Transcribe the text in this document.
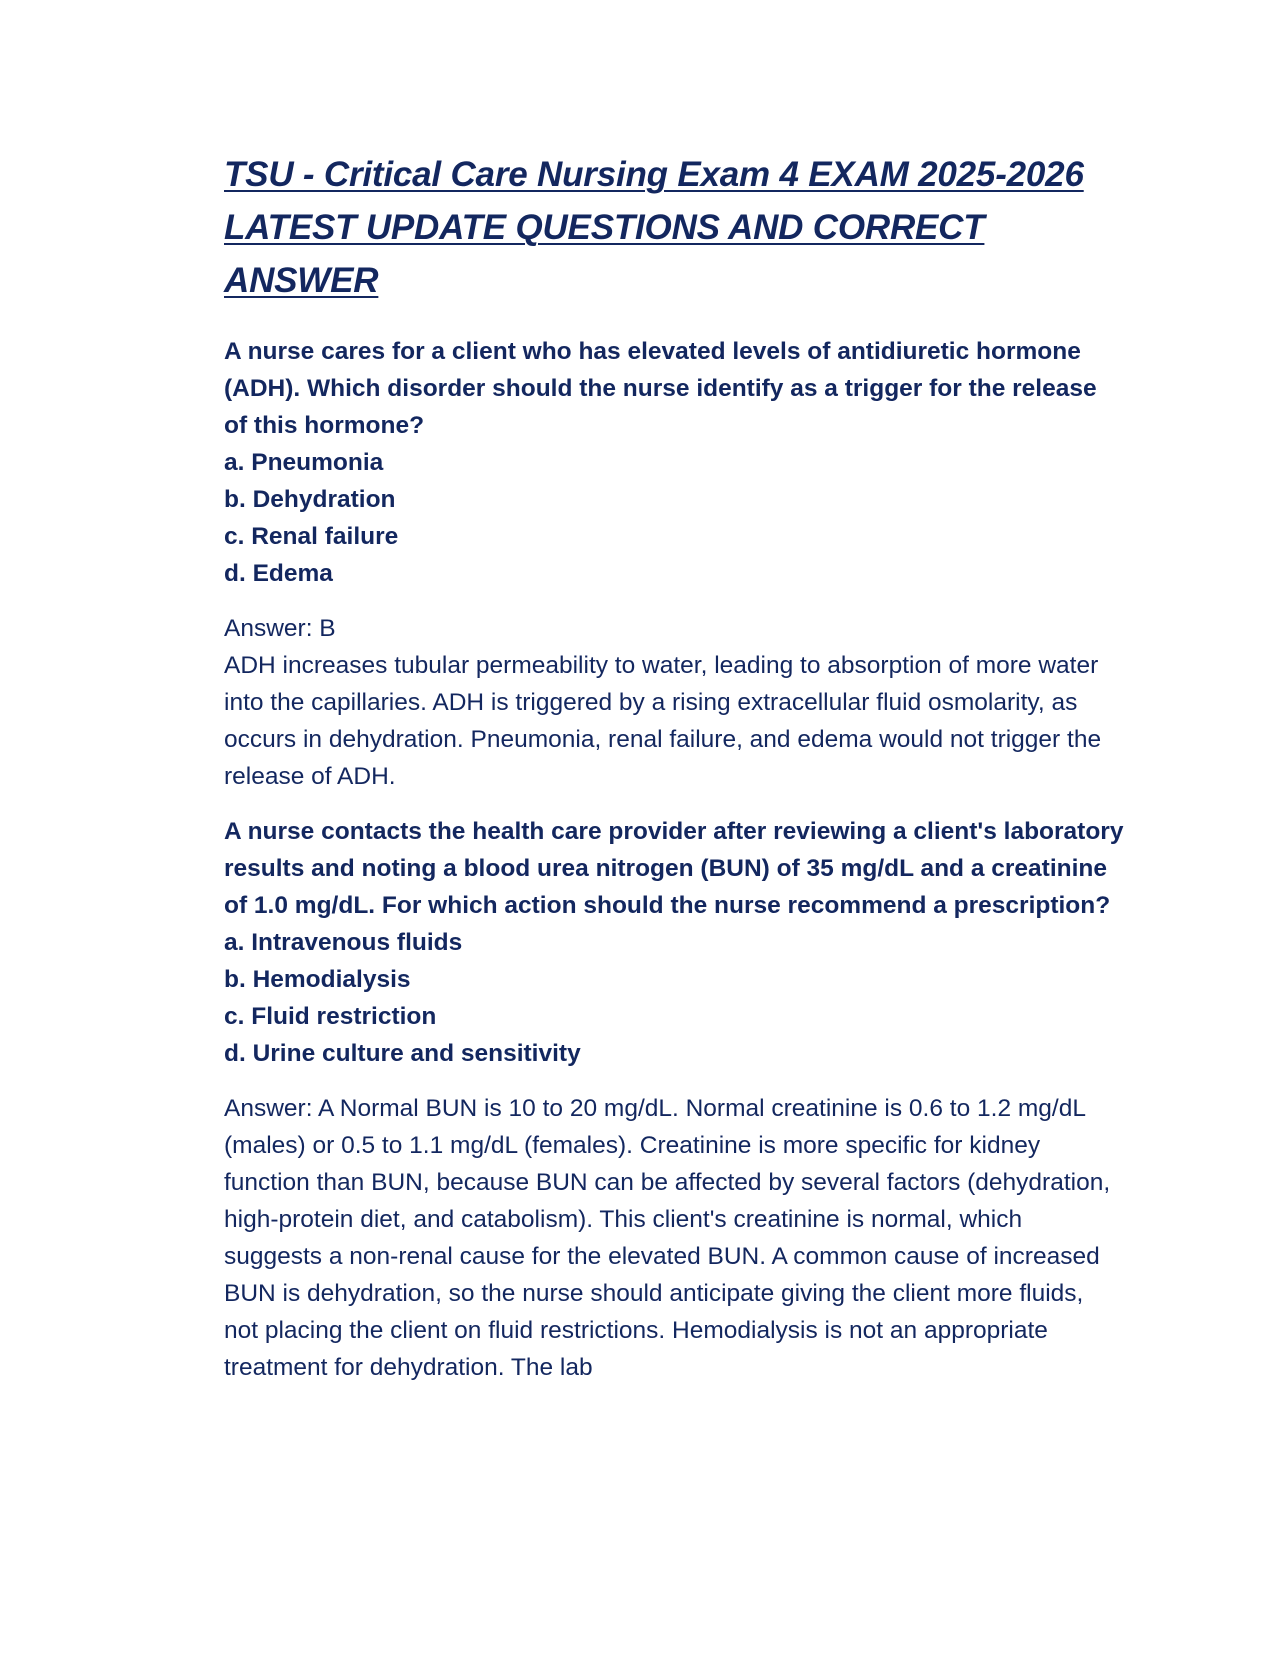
TSU - Critical Care Nursing Exam 4 EXAM 2025-2026 LATEST UPDATE QUESTIONS AND CORRECT ANSWER

A nurse cares for a client who has elevated levels of antidiuretic hormone (ADH). Which disorder should the nurse identify as a trigger for the release of this hormone?

a. Pneumonia
b. Dehydration
c. Renal failure
d. Edema

Answer: B

ADH increases tubular permeability to water, leading to absorption of more water into the capillaries. ADH is triggered by a rising extracellular fluid osmolarity, as occurs in dehydration. Pneumonia, renal failure, and edema would not trigger the release of ADH.

A nurse contacts the health care provider after reviewing a client's laboratory results and noting a blood urea nitrogen (BUN) of 35 mg/dL and a creatinine of 1.0 mg/dL. For which action should the nurse recommend a prescription?

a. Intravenous fluids
b. Hemodialysis
c. Fluid restriction
d. Urine culture and sensitivity

Answer: A Normal BUN is 10 to 20 mg/dL. Normal creatinine is 0.6 to 1.2 mg/dL (males) or 0.5 to 1.1 mg/dL (females). Creatinine is more specific for kidney function than BUN, because BUN can be affected by several factors (dehydration, high-protein diet, and catabolism). This client's creatinine is normal, which suggests a non-renal cause for the elevated BUN. A common cause of increased BUN is dehydration, so the nurse should anticipate giving the client more fluids, not placing the client on fluid restrictions. Hemodialysis is not an appropriate treatment for dehydration. The lab
